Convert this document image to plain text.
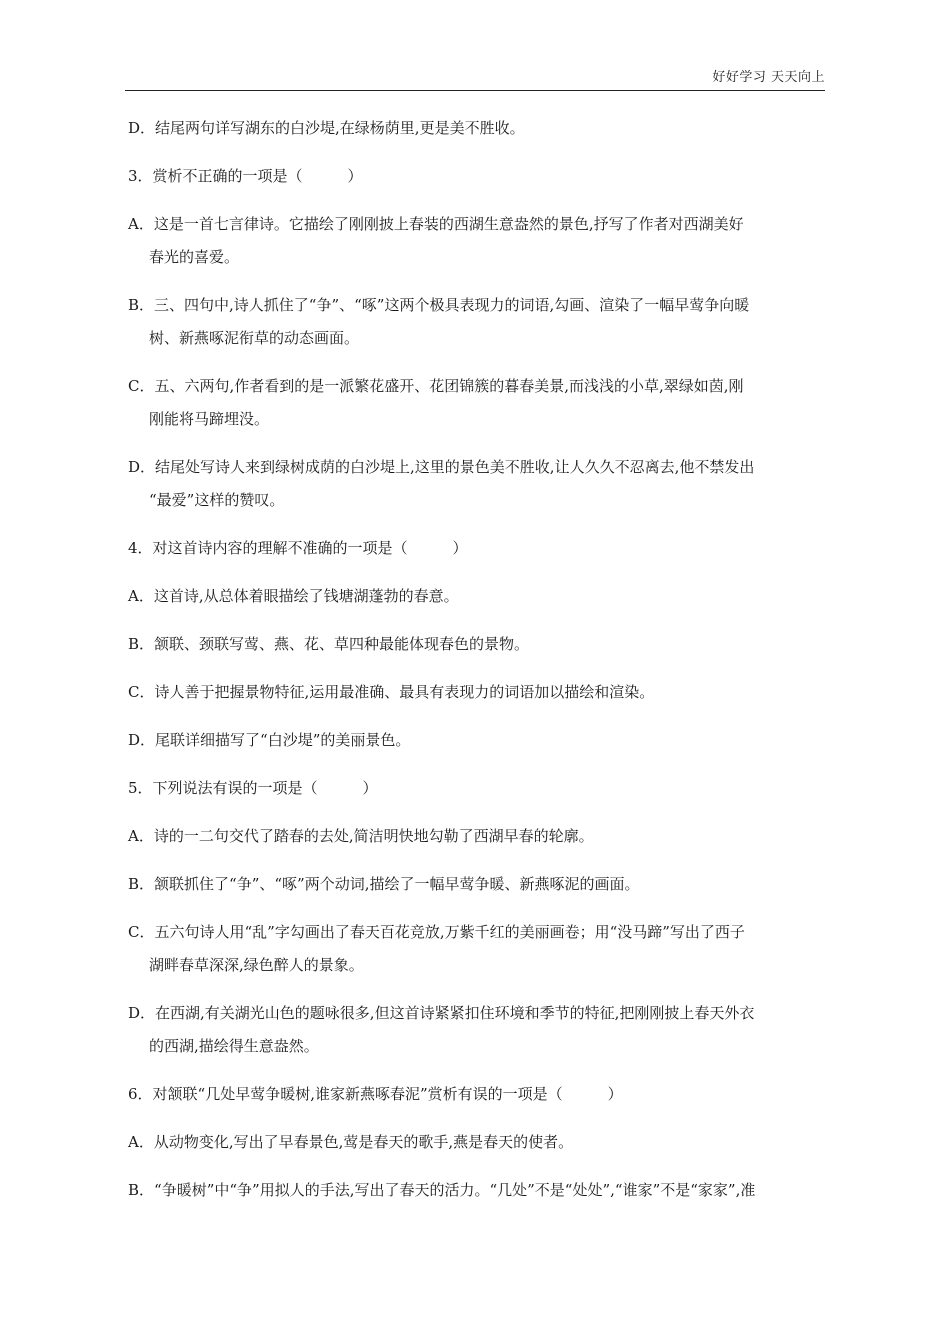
好好学习 天天向上

D．结尾两句详写湖东的白沙堤,在绿杨荫里,更是美不胜收。

3．赏析不正确的一项是（　　　）

A．这是一首七言律诗。它描绘了刚刚披上春装的西湖生意盎然的景色,抒写了作者对西湖美好
春光的喜爱。

B．三、四句中,诗人抓住了“争”、“啄”这两个极具表现力的词语,勾画、渲染了一幅早莺争向暖
树、新燕啄泥衔草的动态画面。

C．五、六两句,作者看到的是一派繁花盛开、花团锦簇的暮春美景,而浅浅的小草,翠绿如茵,刚
刚能将马蹄埋没。

D．结尾处写诗人来到绿树成荫的白沙堤上,这里的景色美不胜收,让人久久不忍离去,他不禁发出
“最爱”这样的赞叹。

4．对这首诗内容的理解不准确的一项是（　　　）

A．这首诗,从总体着眼描绘了钱塘湖蓬勃的春意。

B．颔联、颈联写莺、燕、花、草四种最能体现春色的景物。

C．诗人善于把握景物特征,运用最准确、最具有表现力的词语加以描绘和渲染。

D．尾联详细描写了“白沙堤”的美丽景色。

5．下列说法有误的一项是（　　　）

A．诗的一二句交代了踏春的去处,简洁明快地勾勒了西湖早春的轮廓。

B．颔联抓住了“争”、“啄”两个动词,描绘了一幅早莺争暖、新燕啄泥的画面。

C．五六句诗人用“乱”字勾画出了春天百花竞放,万紫千红的美丽画卷；用“没马蹄”写出了西子
湖畔春草深深,绿色醉人的景象。

D．在西湖,有关湖光山色的题咏很多,但这首诗紧紧扣住环境和季节的特征,把刚刚披上春天外衣
的西湖,描绘得生意盎然。

6．对颔联“几处早莺争暖树,谁家新燕啄春泥”赏析有误的一项是（　　　）

A．从动物变化,写出了早春景色,莺是春天的歌手,燕是春天的使者。

B．“争暖树”中“争”用拟人的手法,写出了春天的活力。“几处”不是“处处”,“谁家”不是“家家”,准
